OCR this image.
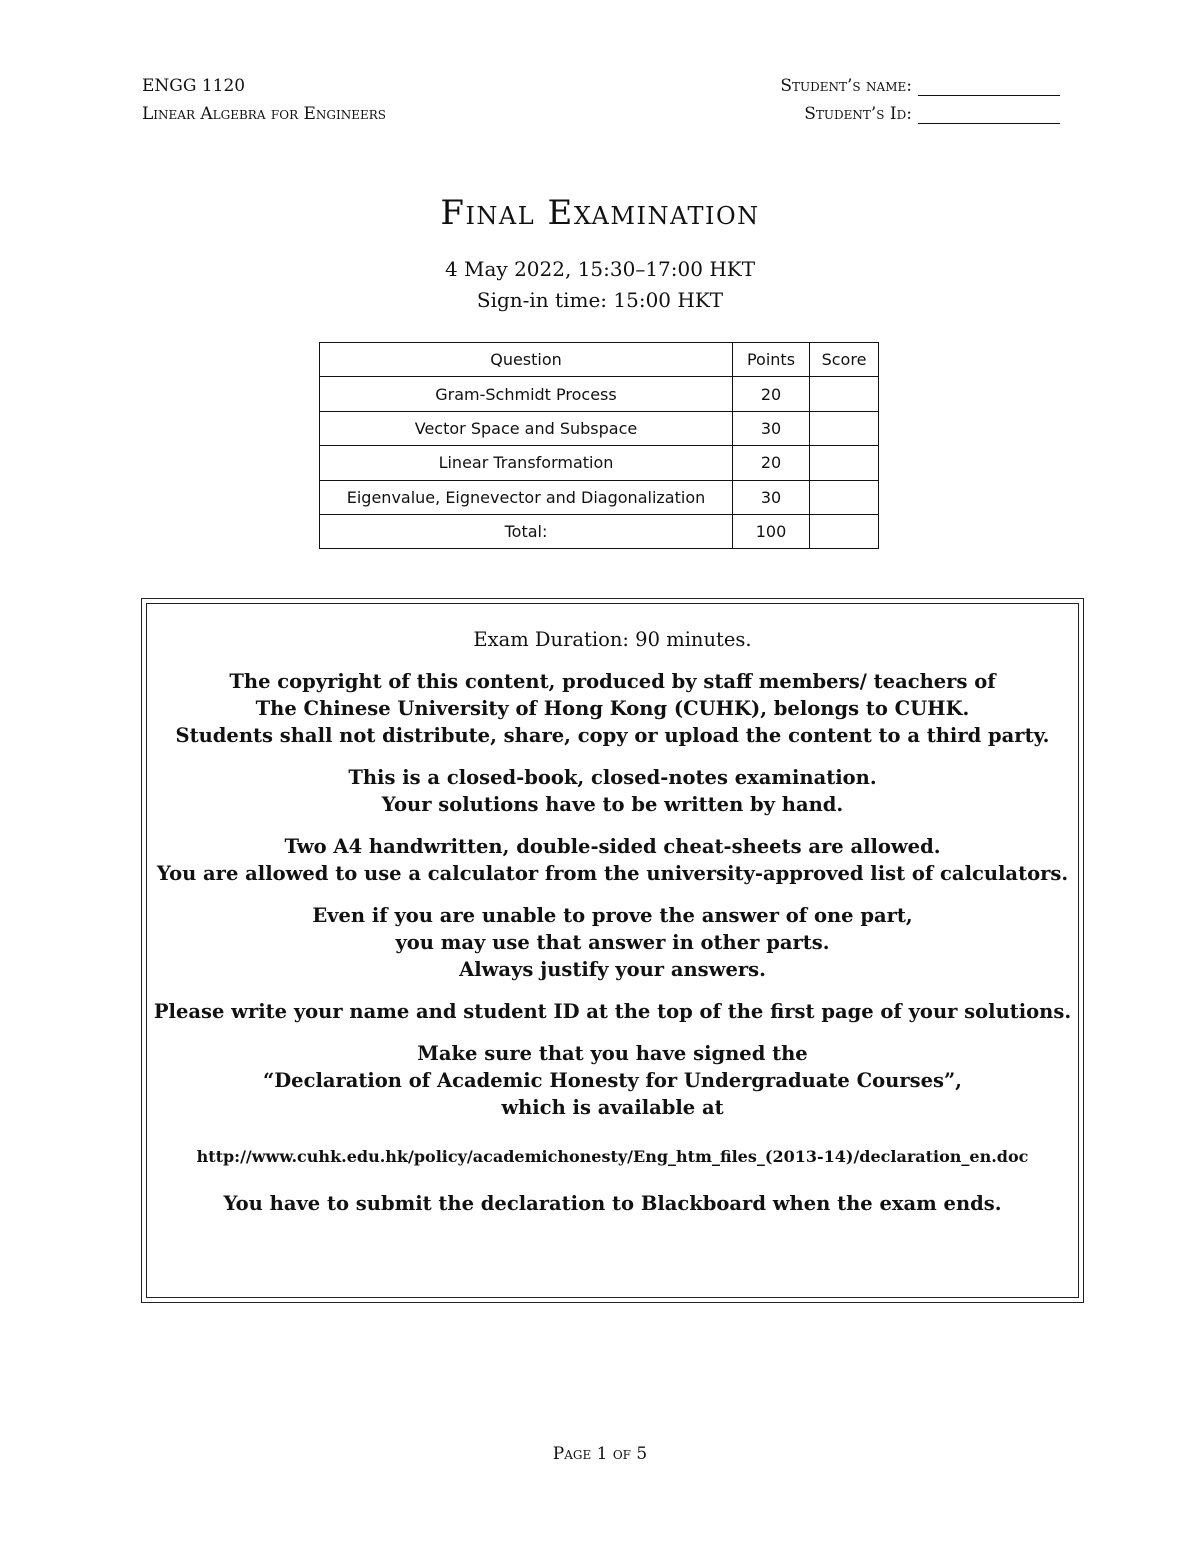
ENGG 1120
Linear Algebra for Engineers
Student’s name:
Student’s Id:
Final Examination
4 May 2022, 15:30–17:00 HKT
Sign-in time: 15:00 HKT
Question	Points	Score
Gram-Schmidt Process	20	
Vector Space and Subspace	30	
Linear Transformation	20	
Eigenvalue, Eignevector and Diagonalization	30	
Total:	100	

Exam Duration: 90 minutes.

The copyright of this content, produced by staff members/ teachers of
The Chinese University of Hong Kong (CUHK), belongs to CUHK.
Students shall not distribute, share, copy or upload the content to a third party.

This is a closed-book, closed-notes examination.
Your solutions have to be written by hand.

Two A4 handwritten, double-sided cheat-sheets are allowed.
You are allowed to use a calculator from the university-approved list of calculators.

Even if you are unable to prove the answer of one part,
you may use that answer in other parts.
Always justify your answers.

Please write your name and student ID at the top of the first page of your solutions.

Make sure that you have signed the
“Declaration of Academic Honesty for Undergraduate Courses”,
which is available at

http://www.cuhk.edu.hk/policy/academichonesty/Eng_htm_files_(2013-14)/declaration_en.doc

You have to submit the declaration to Blackboard when the exam ends.

Page 1 of 5
